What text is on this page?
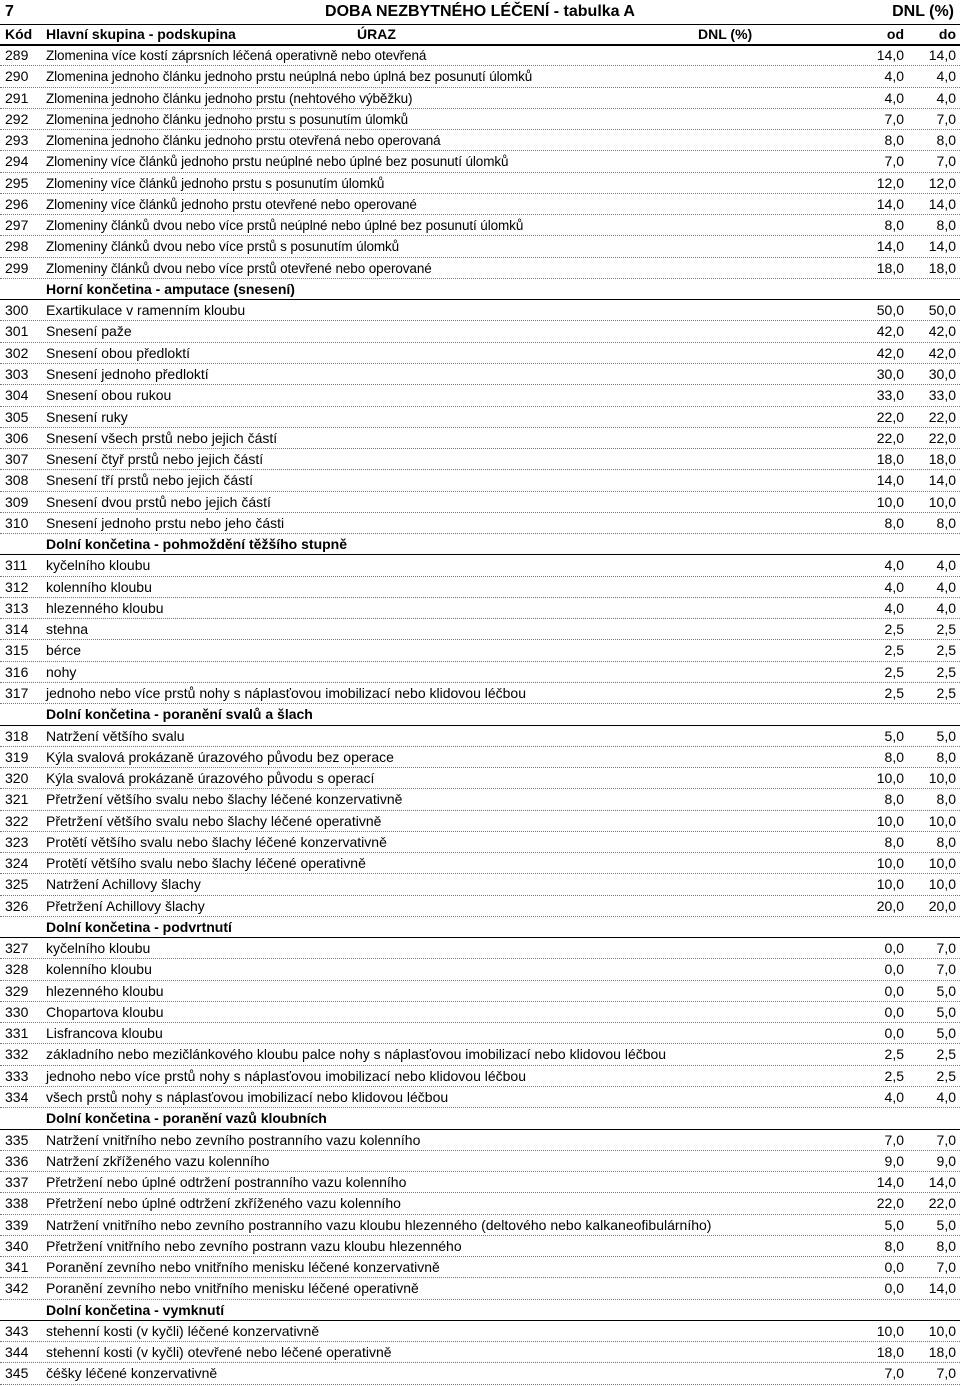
7	DOBA NEZBYTNÉHO LÉČENÍ - tabulka A	DNL (%)
Kód Hlavní skupina - podskupina	ÚRAZ	DNL (%)	od	do
289 Zlomenina více kostí záprsních léčená operativně nebo otevřená	14,0	14,0
290 Zlomenina jednoho článku jednoho prstu neúplná nebo úplná bez posunutí úlomků	4,0	4,0
291 Zlomenina jednoho článku jednoho prstu (nehtového výběžku)	4,0	4,0
292 Zlomenina jednoho článku jednoho prstu s posunutím úlomků	7,0	7,0
293 Zlomenina jednoho článku jednoho prstu otevřená nebo operovaná	8,0	8,0
294 Zlomeniny více článků jednoho prstu neúplné nebo úplné bez posunutí úlomků	7,0	7,0
295 Zlomeniny více článků jednoho prstu s posunutím úlomků	12,0	12,0
296 Zlomeniny více článků jednoho prstu otevřené nebo operované	14,0	14,0
297 Zlomeniny článků dvou nebo více prstů neúplné nebo úplné bez posunutí úlomků	8,0	8,0
298 Zlomeniny článků dvou nebo více prstů s posunutím úlomků	14,0	14,0
299 Zlomeniny článků dvou nebo více prstů otevřené nebo operované	18,0	18,0
Horní končetina - amputace (snesení)
300 Exartikulace v ramenním kloubu	50,0	50,0
301 Snesení paže	42,0	42,0
302 Snesení obou předloktí	42,0	42,0
303 Snesení jednoho předloktí	30,0	30,0
304 Snesení obou rukou	33,0	33,0
305 Snesení ruky	22,0	22,0
306 Snesení všech prstů nebo jejich částí	22,0	22,0
307 Snesení čtyř prstů nebo jejich částí	18,0	18,0
308 Snesení tří prstů nebo jejich částí	14,0	14,0
309 Snesení dvou prstů nebo jejich částí	10,0	10,0
310 Snesení jednoho prstu nebo jeho části	8,0	8,0
Dolní končetina - pohmoždění těžšího stupně
311 kyčelního kloubu	4,0	4,0
312 kolenního kloubu	4,0	4,0
313 hlezenného kloubu	4,0	4,0
314 stehna	2,5	2,5
315 bérce	2,5	2,5
316 nohy	2,5	2,5
317 jednoho nebo více prstů nohy s náplasťovou imobilizací nebo klidovou léčbou	2,5	2,5
Dolní končetina - poranění svalů a šlach
318 Natržení většího svalu	5,0	5,0
319 Kýla svalová prokázaně úrazového původu bez operace	8,0	8,0
320 Kýla svalová prokázaně úrazového původu s operací	10,0	10,0
321 Přetržení většího svalu nebo šlachy léčené konzervativně	8,0	8,0
322 Přetržení většího svalu nebo šlachy léčené operativně	10,0	10,0
323 Protětí většího svalu nebo šlachy léčené konzervativně	8,0	8,0
324 Protětí většího svalu nebo šlachy léčené operativně	10,0	10,0
325 Natržení Achillovy šlachy	10,0	10,0
326 Přetržení Achillovy šlachy	20,0	20,0
Dolní končetina - podvrtnutí
327 kyčelního kloubu	0,0	7,0
328 kolenního kloubu	0,0	7,0
329 hlezenného kloubu	0,0	5,0
330 Chopartova kloubu	0,0	5,0
331 Lisfrancova kloubu	0,0	5,0
332 základního nebo mezičlánkového kloubu palce nohy s náplasťovou imobilizací nebo klidovou léčbou	2,5	2,5
333 jednoho nebo více prstů nohy s náplasťovou imobilizací nebo klidovou léčbou	2,5	2,5
334 všech prstů nohy s náplasťovou imobilizací nebo klidovou léčbou	4,0	4,0
Dolní končetina - poranění vazů kloubních
335 Natržení vnitřního nebo zevního postranního vazu kolenního	7,0	7,0
336 Natržení zkříženého vazu kolenního	9,0	9,0
337 Přetržení nebo úplné odtržení postranního vazu kolenního	14,0	14,0
338 Přetržení nebo úplné odtržení zkříženého vazu kolenního	22,0	22,0
339 Natržení vnitřního nebo zevního postranního vazu kloubu hlezenného (deltového nebo kalkaneofibulárního)	5,0	5,0
340 Přetržení vnitřního nebo zevního postrann vazu kloubu hlezenného	8,0	8,0
341 Poranění zevního nebo vnitřního menisku léčené konzervativně	0,0	7,0
342 Poranění zevního nebo vnitřního menisku léčené operativně	0,0	14,0
Dolní končetina - vymknutí
343 stehenní kosti (v kyčli) léčené konzervativně	10,0	10,0
344 stehenní kosti (v kyčli) otevřené nebo léčené operativně	18,0	18,0
345 čéšky léčené konzervativně	7,0	7,0
